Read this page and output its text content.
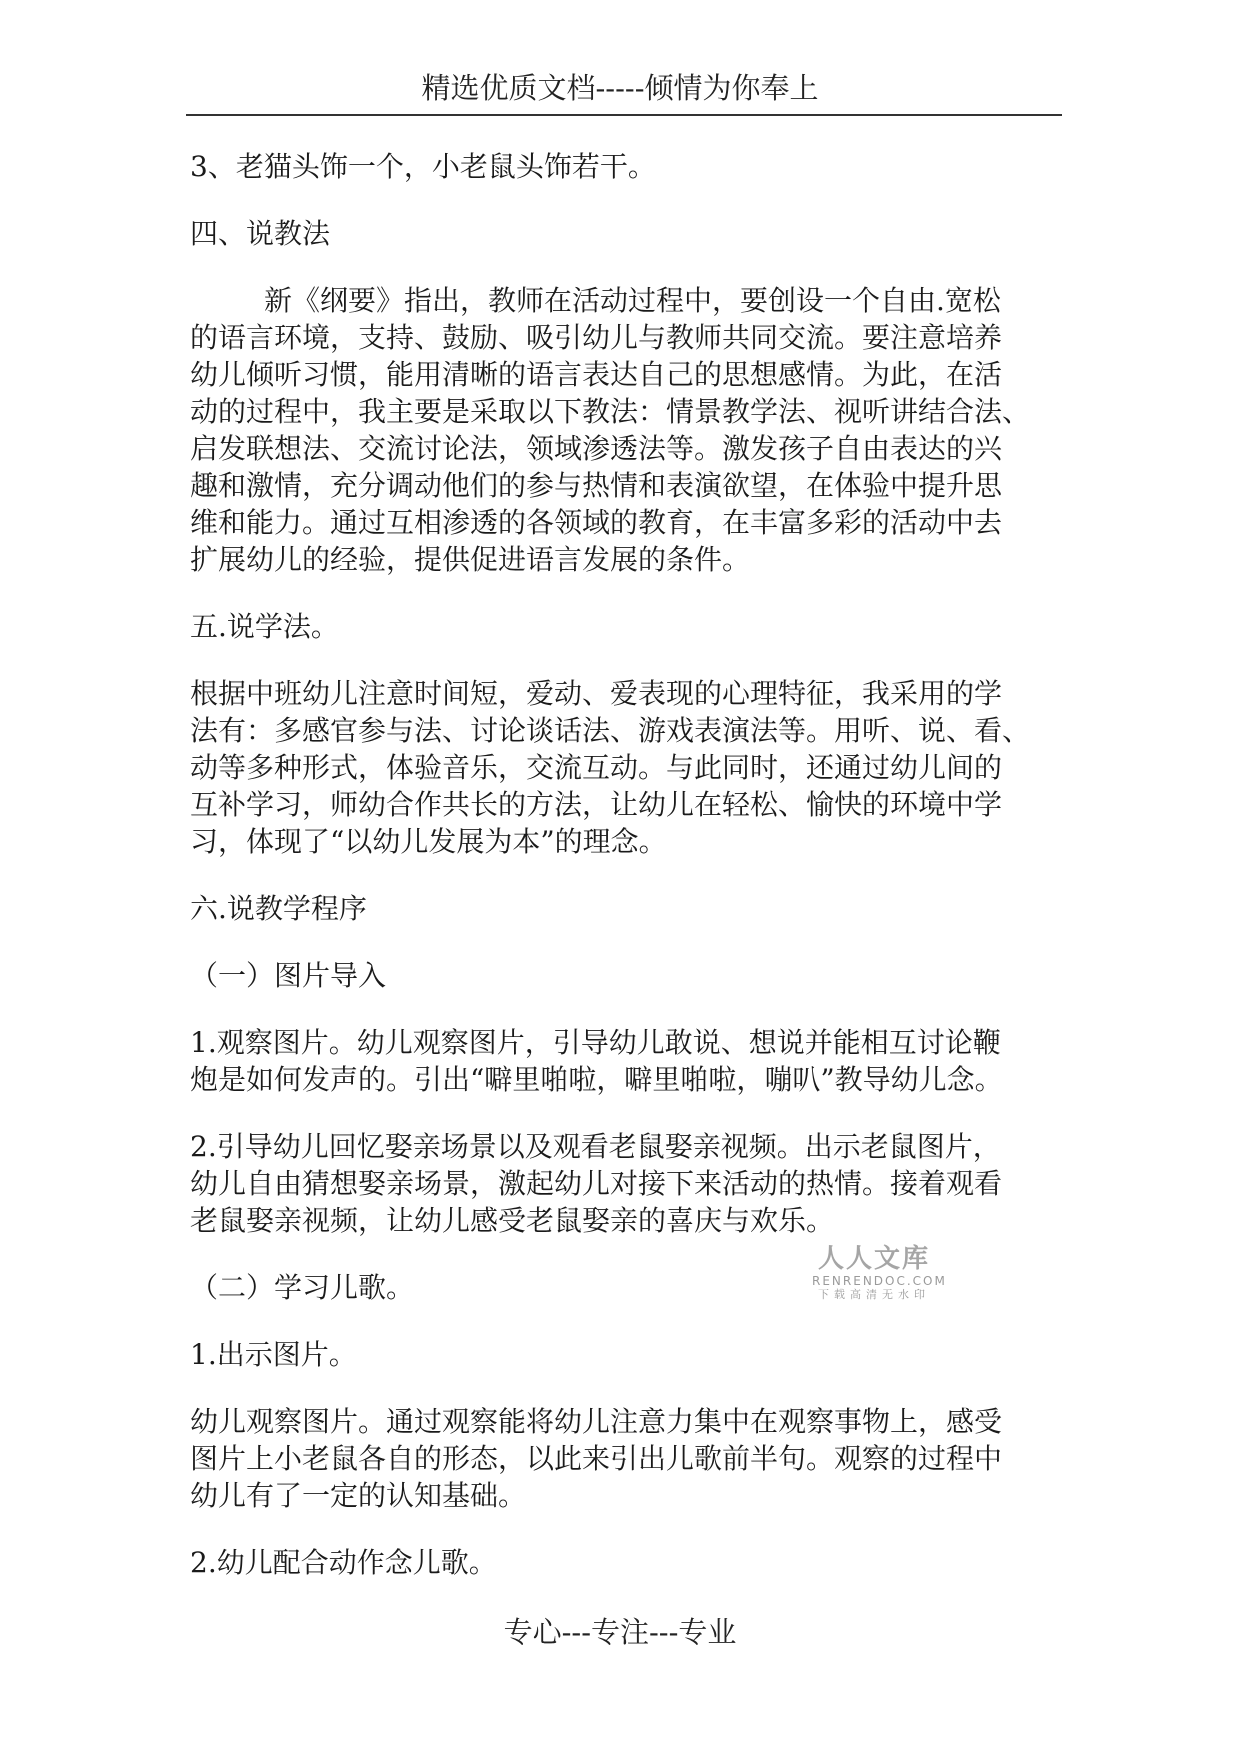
精选优质文档-----倾情为你奉上

3、老猫头饰一个，小老鼠头饰若干。

四、说教法

新《纲要》指出，教师在活动过程中，要创设一个自由.宽松
的语言环境，支持、鼓励、吸引幼儿与教师共同交流。要注意培养
幼儿倾听习惯，能用清晰的语言表达自己的思想感情。为此，在活
动的过程中，我主要是采取以下教法：情景教学法、视听讲结合法、
启发联想法、交流讨论法，领域渗透法等。激发孩子自由表达的兴
趣和激情，充分调动他们的参与热情和表演欲望，在体验中提升思
维和能力。通过互相渗透的各领域的教育，在丰富多彩的活动中去
扩展幼儿的经验，提供促进语言发展的条件。

五.说学法。

根据中班幼儿注意时间短，爱动、爱表现的心理特征，我采用的学
法有：多感官参与法、讨论谈话法、游戏表演法等。用听、说、看、
动等多种形式，体验音乐，交流互动。与此同时，还通过幼儿间的
互补学习，师幼合作共长的方法，让幼儿在轻松、愉快的环境中学
习，体现了“以幼儿发展为本”的理念。

六.说教学程序

（一）图片导入

1.观察图片。幼儿观察图片，引导幼儿敢说、想说并能相互讨论鞭
炮是如何发声的。引出“噼里啪啦，噼里啪啦，嘣叭”教导幼儿念。

2.引导幼儿回忆娶亲场景以及观看老鼠娶亲视频。出示老鼠图片，
幼儿自由猜想娶亲场景，激起幼儿对接下来活动的热情。接着观看
老鼠娶亲视频，让幼儿感受老鼠娶亲的喜庆与欢乐。

（二）学习儿歌。

1.出示图片。

幼儿观察图片。通过观察能将幼儿注意力集中在观察事物上，感受
图片上小老鼠各自的形态，以此来引出儿歌前半句。观察的过程中
幼儿有了一定的认知基础。

2.幼儿配合动作念儿歌。

人人文库
RENRENDOC.COM
下载高清无水印
专心---专注---专业
